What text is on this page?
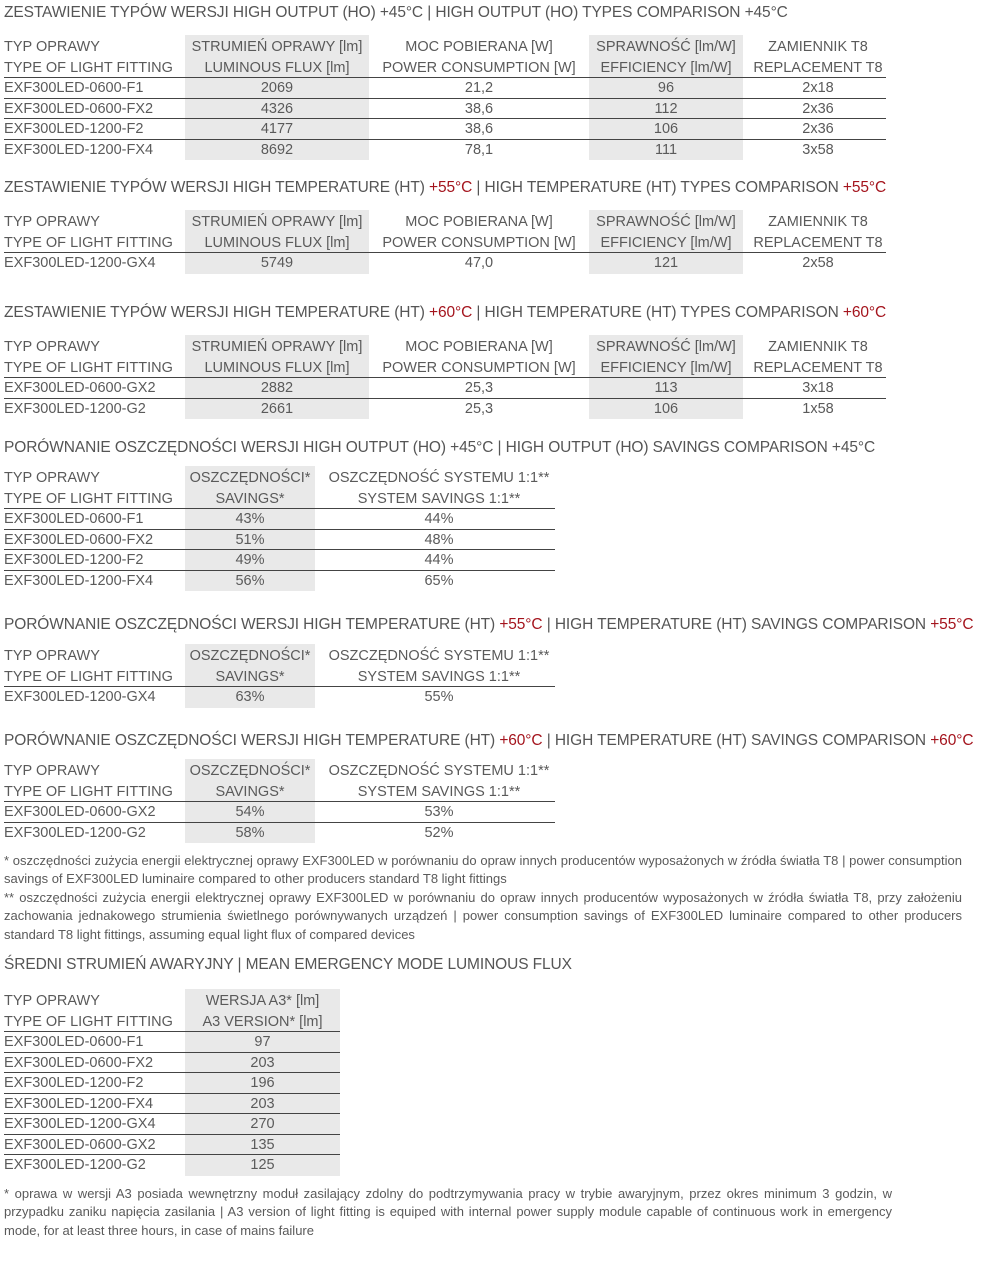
ZESTAWIENIE TYPÓW WERSJI HIGH OUTPUT (HO) +45°C | HIGH OUTPUT (HO) TYPES COMPARISON +45°C
TYP OPRAWY	STRUMIEŃ OPRAWY [lm]	MOC POBIERANA [W]	SPRAWNOŚĆ [lm/W]	ZAMIENNIK T8
TYPE OF LIGHT FITTING	LUMINOUS FLUX [lm]	POWER CONSUMPTION [W]	EFFICIENCY [lm/W]	REPLACEMENT T8
EXF300LED-0600-F1	2069	21,2	96	2x18
EXF300LED-0600-FX2	4326	38,6	112	2x36
EXF300LED-1200-F2	4177	38,6	106	2x36
EXF300LED-1200-FX4	8692	78,1	111	3x58
ZESTAWIENIE TYPÓW WERSJI HIGH TEMPERATURE (HT) +55°C | HIGH TEMPERATURE (HT) TYPES COMPARISON +55°C
TYP OPRAWY	STRUMIEŃ OPRAWY [lm]	MOC POBIERANA [W]	SPRAWNOŚĆ [lm/W]	ZAMIENNIK T8
TYPE OF LIGHT FITTING	LUMINOUS FLUX [lm]	POWER CONSUMPTION [W]	EFFICIENCY [lm/W]	REPLACEMENT T8
EXF300LED-1200-GX4	5749	47,0	121	2x58
ZESTAWIENIE TYPÓW WERSJI HIGH TEMPERATURE (HT) +60°C | HIGH TEMPERATURE (HT) TYPES COMPARISON +60°C
TYP OPRAWY	STRUMIEŃ OPRAWY [lm]	MOC POBIERANA [W]	SPRAWNOŚĆ [lm/W]	ZAMIENNIK T8
TYPE OF LIGHT FITTING	LUMINOUS FLUX [lm]	POWER CONSUMPTION [W]	EFFICIENCY [lm/W]	REPLACEMENT T8
EXF300LED-0600-GX2	2882	25,3	113	3x18
EXF300LED-1200-G2	2661	25,3	106	1x58
PORÓWNANIE OSZCZĘDNOŚCI WERSJI HIGH OUTPUT (HO) +45°C | HIGH OUTPUT (HO) SAVINGS COMPARISON +45°C
TYP OPRAWY	OSZCZĘDNOŚCI*	OSZCZĘDNOŚĆ SYSTEMU 1:1**
TYPE OF LIGHT FITTING	SAVINGS*	SYSTEM SAVINGS 1:1**
EXF300LED-0600-F1	43%	44%
EXF300LED-0600-FX2	51%	48%
EXF300LED-1200-F2	49%	44%
EXF300LED-1200-FX4	56%	65%
PORÓWNANIE OSZCZĘDNOŚCI WERSJI HIGH TEMPERATURE (HT) +55°C | HIGH TEMPERATURE (HT) SAVINGS COMPARISON +55°C
TYP OPRAWY	OSZCZĘDNOŚCI*	OSZCZĘDNOŚĆ SYSTEMU 1:1**
TYPE OF LIGHT FITTING	SAVINGS*	SYSTEM SAVINGS 1:1**
EXF300LED-1200-GX4	63%	55%
PORÓWNANIE OSZCZĘDNOŚCI WERSJI HIGH TEMPERATURE (HT) +60°C | HIGH TEMPERATURE (HT) SAVINGS COMPARISON +60°C
TYP OPRAWY	OSZCZĘDNOŚCI*	OSZCZĘDNOŚĆ SYSTEMU 1:1**
TYPE OF LIGHT FITTING	SAVINGS*	SYSTEM SAVINGS 1:1**
EXF300LED-0600-GX2	54%	53%
EXF300LED-1200-G2	58%	52%
ŚREDNI STRUMIEŃ AWARYJNY | MEAN EMERGENCY MODE LUMINOUS FLUX
TYP OPRAWY	WERSJA A3* [lm]
TYPE OF LIGHT FITTING	A3 VERSION* [lm]
EXF300LED-0600-F1	97
EXF300LED-0600-FX2	203
EXF300LED-1200-F2	196
EXF300LED-1200-FX4	203
EXF300LED-1200-GX4	270
EXF300LED-0600-GX2	135
EXF300LED-1200-G2	125
* oszczędności zużycia energii elektrycznej oprawy EXF300LED w porównaniu do opraw innych producentów wyposażonych w źródła światła T8 | power consumption savings of EXF300LED luminaire compared to other producers standard T8 light fittings
** oszczędności zużycia energii elektrycznej oprawy EXF300LED w porównaniu do opraw innych producentów wyposażonych w źródła światła T8, przy założeniu zachowania jednakowego strumienia świetlnego porównywanych urządzeń | power consumption savings of EXF300LED luminaire compared to other producers standard T8 light fittings, assuming equal light flux of compared devices
* oprawa w wersji A3 posiada wewnętrzny moduł zasilający zdolny do podtrzymywania pracy w trybie awaryjnym, przez okres minimum 3 godzin, w przypadku zaniku napięcia zasilania | A3 version of light fitting is equiped with internal power supply module capable of continuous work in emergency mode, for at least three hours, in case of mains failure
